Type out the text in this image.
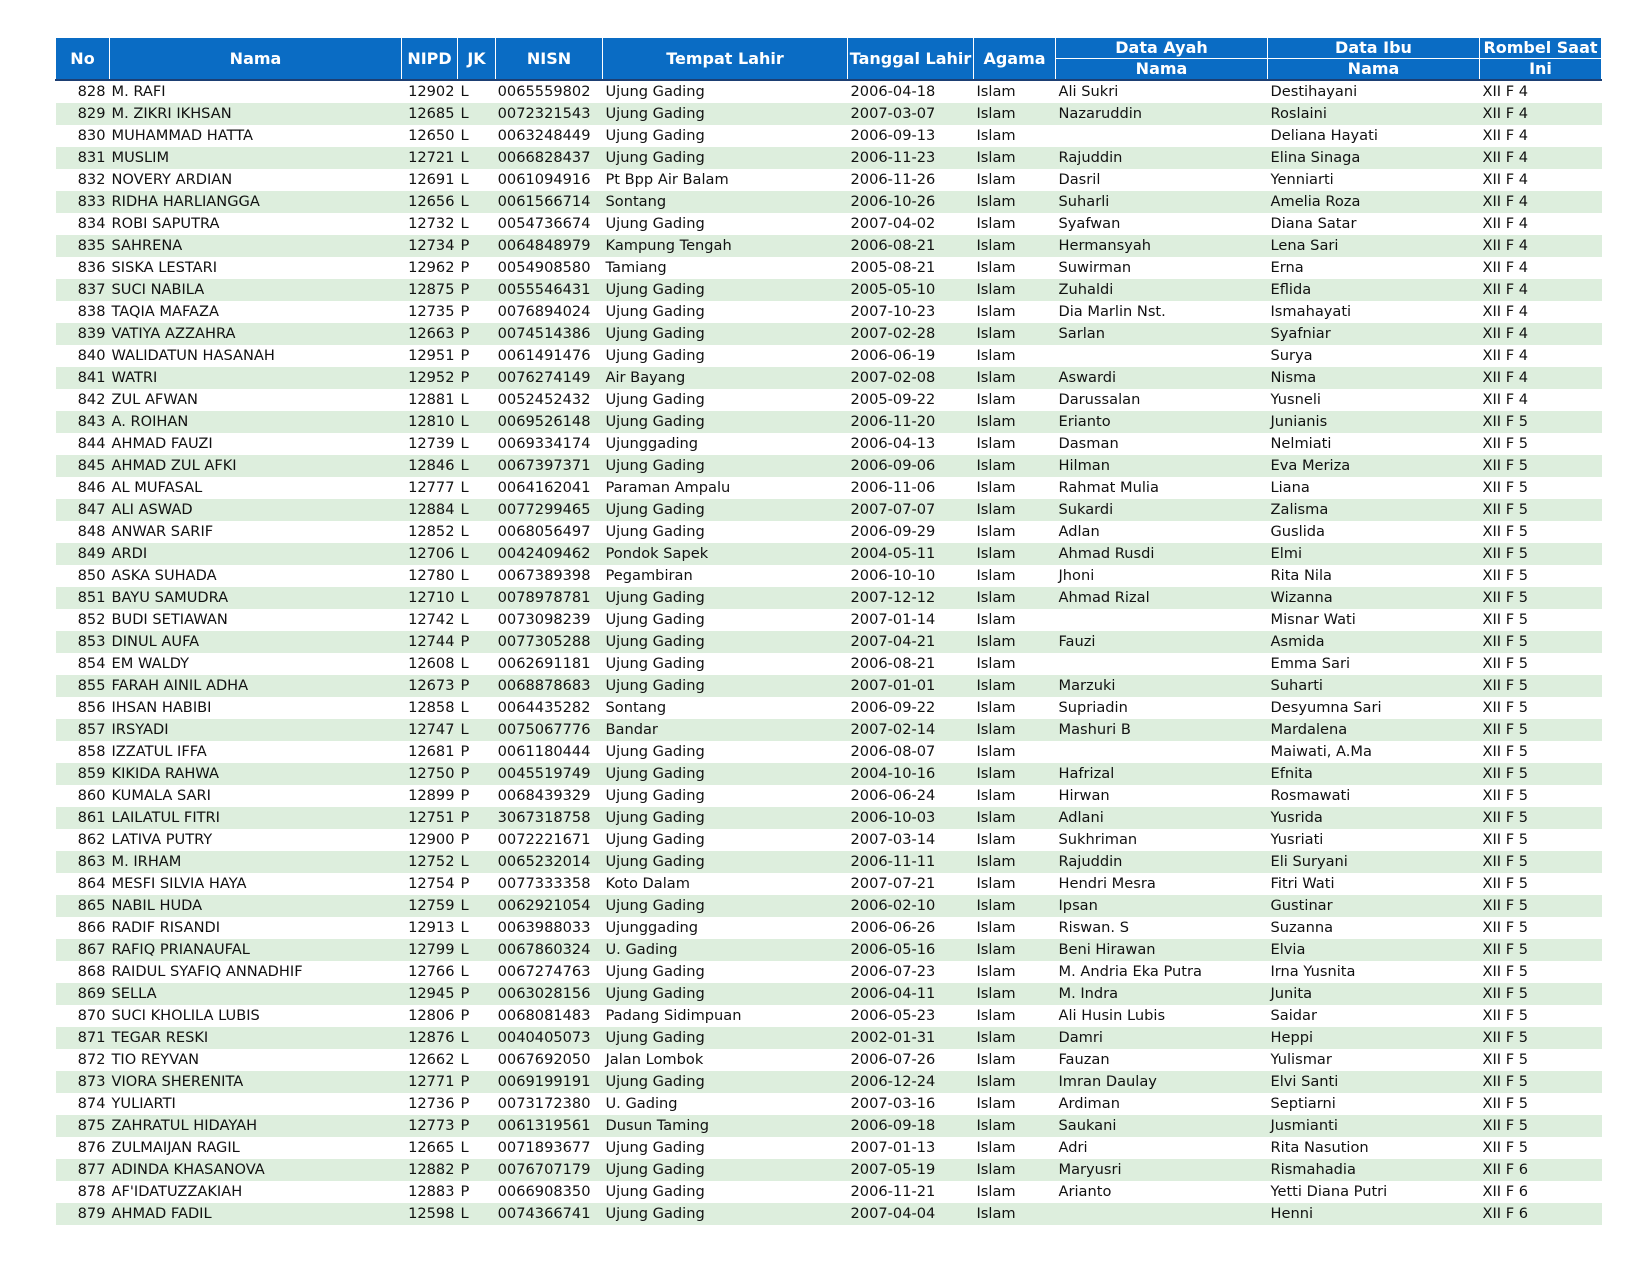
No	Nama	NIPD	JK	NISN	Tempat Lahir	Tanggal Lahir	Agama	Data Ayah	Data Ibu	Rombel Saat
								Nama	Nama	Ini
828	M. RAFI	12902	L	0065559802	Ujung Gading	2006-04-18	Islam	Ali Sukri	Destihayani	XII F 4
829	M. ZIKRI IKHSAN	12685	L	0072321543	Ujung Gading	2007-03-07	Islam	Nazaruddin	Roslaini	XII F 4
830	MUHAMMAD HATTA	12650	L	0063248449	Ujung Gading	2006-09-13	Islam		Deliana Hayati	XII F 4
831	MUSLIM	12721	L	0066828437	Ujung Gading	2006-11-23	Islam	Rajuddin	Elina Sinaga	XII F 4
832	NOVERY ARDIAN	12691	L	0061094916	Pt Bpp Air Balam	2006-11-26	Islam	Dasril	Yenniarti	XII F 4
833	RIDHA HARLIANGGA	12656	L	0061566714	Sontang	2006-10-26	Islam	Suharli	Amelia Roza	XII F 4
834	ROBI SAPUTRA	12732	L	0054736674	Ujung Gading	2007-04-02	Islam	Syafwan	Diana Satar	XII F 4
835	SAHRENA	12734	P	0064848979	Kampung Tengah	2006-08-21	Islam	Hermansyah	Lena Sari	XII F 4
836	SISKA LESTARI	12962	P	0054908580	Tamiang	2005-08-21	Islam	Suwirman	Erna	XII F 4
837	SUCI NABILA	12875	P	0055546431	Ujung Gading	2005-05-10	Islam	Zuhaldi	Eflida	XII F 4
838	TAQIA MAFAZA	12735	P	0076894024	Ujung Gading	2007-10-23	Islam	Dia Marlin Nst.	Ismahayati	XII F 4
839	VATIYA AZZAHRA	12663	P	0074514386	Ujung Gading	2007-02-28	Islam	Sarlan	Syafniar	XII F 4
840	WALIDATUN HASANAH	12951	P	0061491476	Ujung Gading	2006-06-19	Islam		Surya	XII F 4
841	WATRI	12952	P	0076274149	Air Bayang	2007-02-08	Islam	Aswardi	Nisma	XII F 4
842	ZUL AFWAN	12881	L	0052452432	Ujung Gading	2005-09-22	Islam	Darussalan	Yusneli	XII F 4
843	A. ROIHAN	12810	L	0069526148	Ujung Gading	2006-11-20	Islam	Erianto	Junianis	XII F 5
844	AHMAD FAUZI	12739	L	0069334174	Ujunggading	2006-04-13	Islam	Dasman	Nelmiati	XII F 5
845	AHMAD ZUL AFKI	12846	L	0067397371	Ujung Gading	2006-09-06	Islam	Hilman	Eva Meriza	XII F 5
846	AL MUFASAL	12777	L	0064162041	Paraman Ampalu	2006-11-06	Islam	Rahmat Mulia	Liana	XII F 5
847	ALI ASWAD	12884	L	0077299465	Ujung Gading	2007-07-07	Islam	Sukardi	Zalisma	XII F 5
848	ANWAR SARIF	12852	L	0068056497	Ujung Gading	2006-09-29	Islam	Adlan	Guslida	XII F 5
849	ARDI	12706	L	0042409462	Pondok Sapek	2004-05-11	Islam	Ahmad Rusdi	Elmi	XII F 5
850	ASKA SUHADA	12780	L	0067389398	Pegambiran	2006-10-10	Islam	Jhoni	Rita Nila	XII F 5
851	BAYU SAMUDRA	12710	L	0078978781	Ujung Gading	2007-12-12	Islam	Ahmad Rizal	Wizanna	XII F 5
852	BUDI SETIAWAN	12742	L	0073098239	Ujung Gading	2007-01-14	Islam		Misnar Wati	XII F 5
853	DINUL AUFA	12744	P	0077305288	Ujung Gading	2007-04-21	Islam	Fauzi	Asmida	XII F 5
854	EM WALDY	12608	L	0062691181	Ujung Gading	2006-08-21	Islam		Emma Sari	XII F 5
855	FARAH AINIL ADHA	12673	P	0068878683	Ujung Gading	2007-01-01	Islam	Marzuki	Suharti	XII F 5
856	IHSAN HABIBI	12858	L	0064435282	Sontang	2006-09-22	Islam	Supriadin	Desyumna Sari	XII F 5
857	IRSYADI	12747	L	0075067776	Bandar	2007-02-14	Islam	Mashuri B	Mardalena	XII F 5
858	IZZATUL IFFA	12681	P	0061180444	Ujung Gading	2006-08-07	Islam		Maiwati, A.Ma	XII F 5
859	KIKIDA RAHWA	12750	P	0045519749	Ujung Gading	2004-10-16	Islam	Hafrizal	Efnita	XII F 5
860	KUMALA SARI	12899	P	0068439329	Ujung Gading	2006-06-24	Islam	Hirwan	Rosmawati	XII F 5
861	LAILATUL FITRI	12751	P	3067318758	Ujung Gading	2006-10-03	Islam	Adlani	Yusrida	XII F 5
862	LATIVA PUTRY	12900	P	0072221671	Ujung Gading	2007-03-14	Islam	Sukhriman	Yusriati	XII F 5
863	M. IRHAM	12752	L	0065232014	Ujung Gading	2006-11-11	Islam	Rajuddin	Eli Suryani	XII F 5
864	MESFI SILVIA HAYA	12754	P	0077333358	Koto Dalam	2007-07-21	Islam	Hendri Mesra	Fitri Wati	XII F 5
865	NABIL HUDA	12759	L	0062921054	Ujung Gading	2006-02-10	Islam	Ipsan	Gustinar	XII F 5
866	RADIF RISANDI	12913	L	0063988033	Ujunggading	2006-06-26	Islam	Riswan. S	Suzanna	XII F 5
867	RAFIQ PRIANAUFAL	12799	L	0067860324	U. Gading	2006-05-16	Islam	Beni Hirawan	Elvia	XII F 5
868	RAIDUL SYAFIQ ANNADHIF	12766	L	0067274763	Ujung Gading	2006-07-23	Islam	M. Andria Eka Putra	Irna Yusnita	XII F 5
869	SELLA	12945	P	0063028156	Ujung Gading	2006-04-11	Islam	M. Indra	Junita	XII F 5
870	SUCI KHOLILA LUBIS	12806	P	0068081483	Padang Sidimpuan	2006-05-23	Islam	Ali Husin Lubis	Saidar	XII F 5
871	TEGAR RESKI	12876	L	0040405073	Ujung Gading	2002-01-31	Islam	Damri	Heppi	XII F 5
872	TIO REYVAN	12662	L	0067692050	Jalan Lombok	2006-07-26	Islam	Fauzan	Yulismar	XII F 5
873	VIORA SHERENITA	12771	P	0069199191	Ujung Gading	2006-12-24	Islam	Imran Daulay	Elvi Santi	XII F 5
874	YULIARTI	12736	P	0073172380	U. Gading	2007-03-16	Islam	Ardiman	Septiarni	XII F 5
875	ZAHRATUL HIDAYAH	12773	P	0061319561	Dusun Taming	2006-09-18	Islam	Saukani	Jusmianti	XII F 5
876	ZULMAIJAN RAGIL	12665	L	0071893677	Ujung Gading	2007-01-13	Islam	Adri	Rita Nasution	XII F 5
877	ADINDA KHASANOVA	12882	P	0076707179	Ujung Gading	2007-05-19	Islam	Maryusri	Rismahadia	XII F 6
878	AF'IDATUZZAKIAH	12883	P	0066908350	Ujung Gading	2006-11-21	Islam	Arianto	Yetti Diana Putri	XII F 6
879	AHMAD FADIL	12598	L	0074366741	Ujung Gading	2007-04-04	Islam		Henni	XII F 6
